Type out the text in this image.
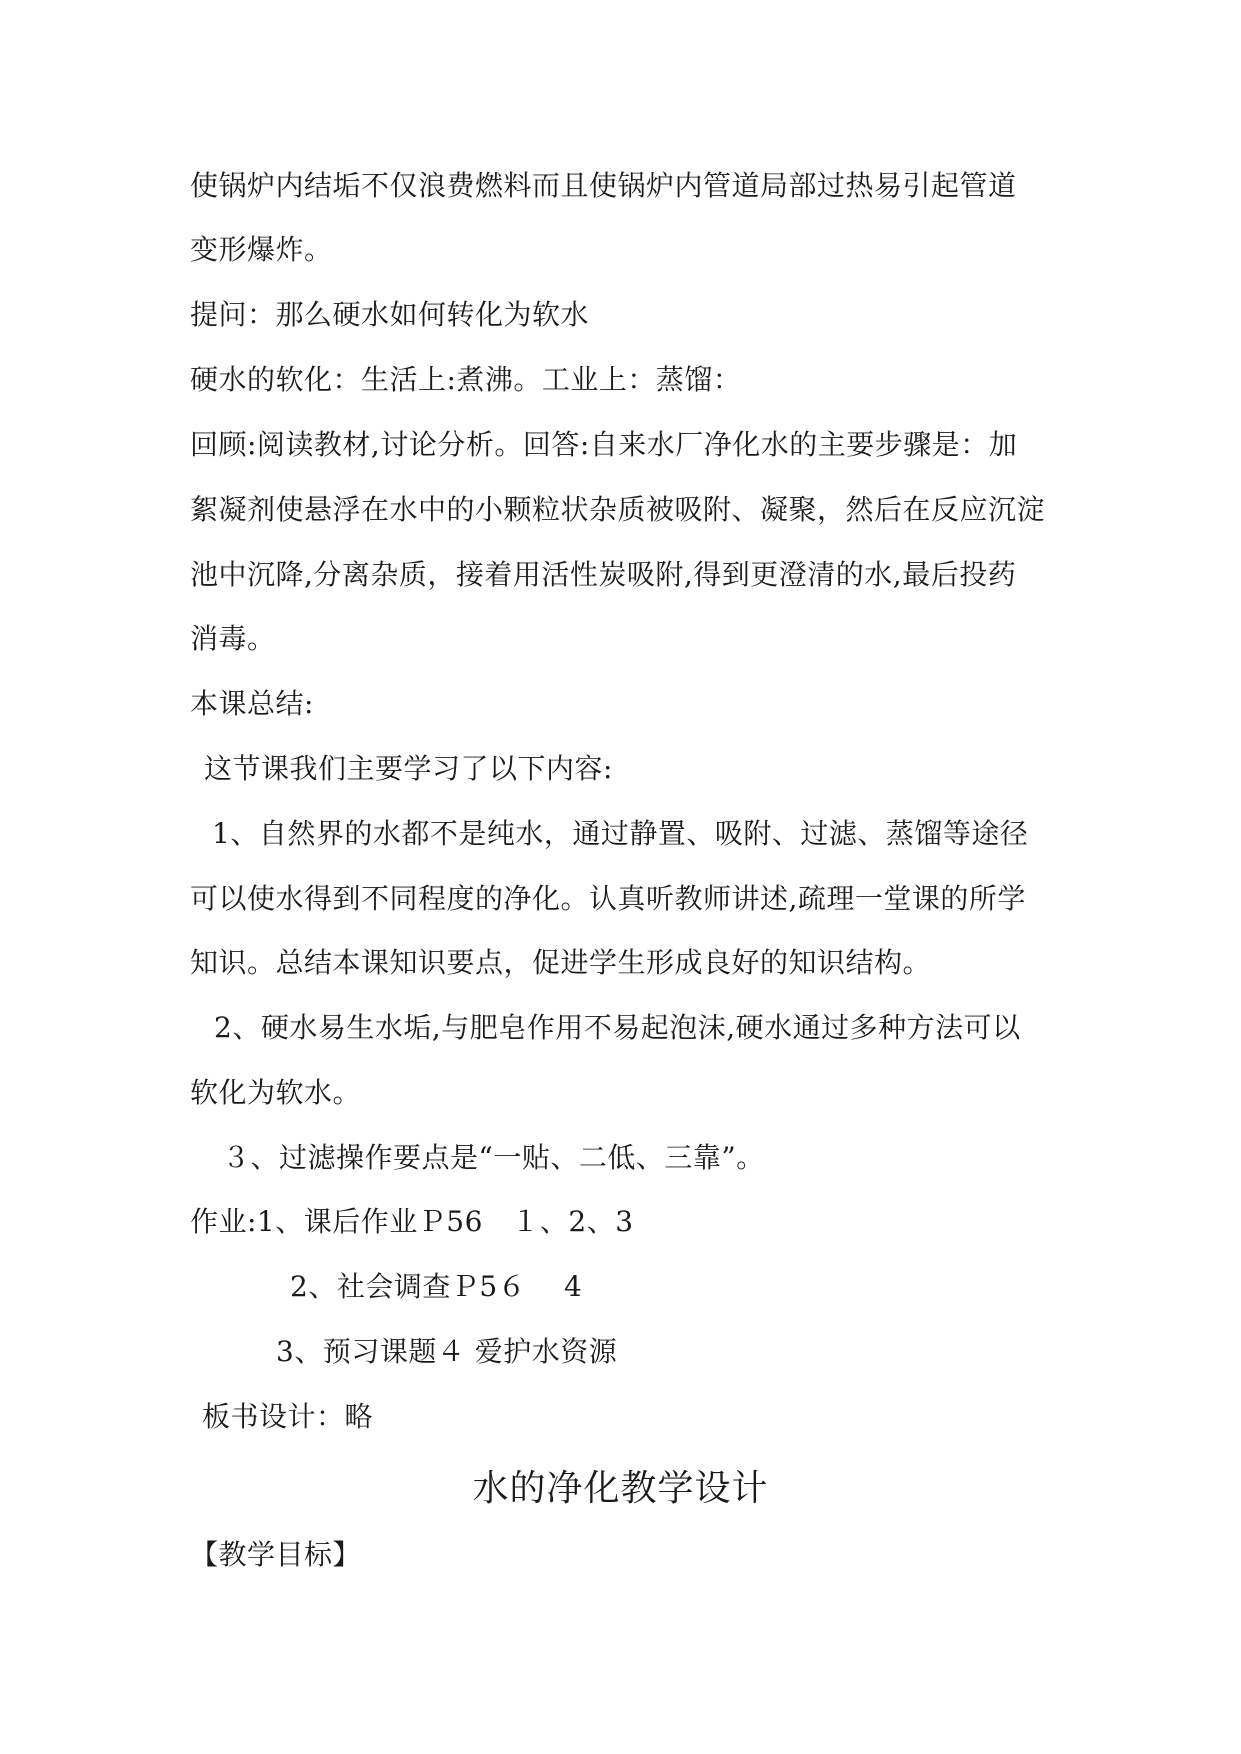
使锅炉内结垢不仅浪费燃料而且使锅炉内管道局部过热易引起管道
变形爆炸。
提问：那么硬水如何转化为软水
硬水的软化：生活上:煮沸。工业上：蒸馏：
回顾:阅读教材,讨论分析。回答:自来水厂净化水的主要步骤是：加
絮凝剂使悬浮在水中的小颗粒状杂质被吸附、凝聚，然后在反应沉淀
池中沉降,分离杂质，接着用活性炭吸附,得到更澄清的水,最后投药
消毒。
本课总结:
这节课我们主要学习了以下内容:
1、自然界的水都不是纯水，通过静置、吸附、过滤、蒸馏等途径
可以使水得到不同程度的净化。认真听教师讲述,疏理一堂课的所学
知识。总结本课知识要点，促进学生形成良好的知识结构。
2、硬水易生水垢,与肥皂作用不易起泡沫,硬水通过多种方法可以
软化为软水。
３、过滤操作要点是“一贴、二低、三靠”。
作业:1、课后作业Ｐ56　１、2、3
2、社会调查Ｐ5６　 4
3、预习课题４ 爱护水资源
板书设计：略
水的净化教学设计
【教学目标】
